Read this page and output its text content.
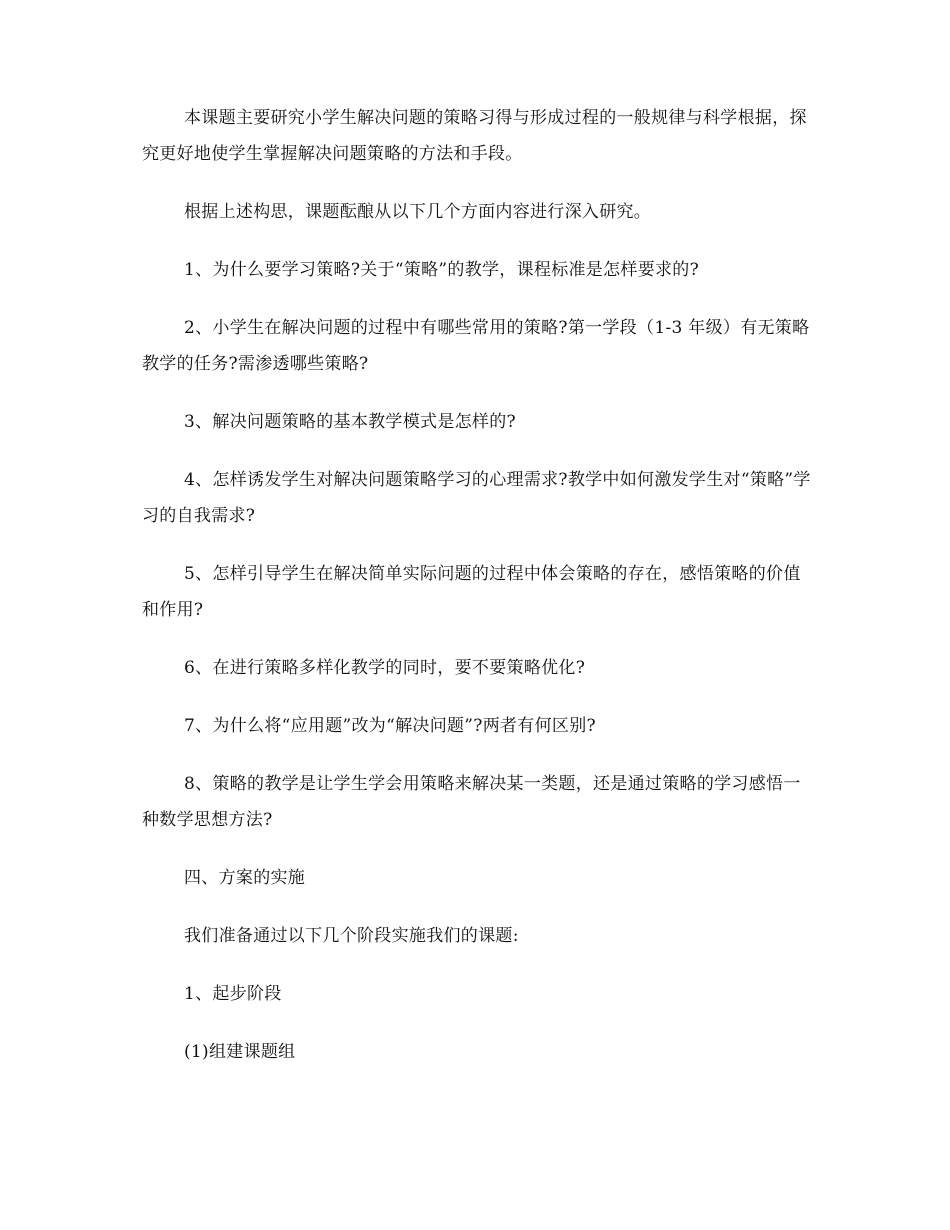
本课题主要研究小学生解决问题的策略习得与形成过程的一般规律与科学根据，探究更好地使学生掌握解决问题策略的方法和手段。

根据上述构思，课题酝酿从以下几个方面内容进行深入研究。

1、为什么要学习策略?关于“策略”的教学，课程标准是怎样要求的?

2、小学生在解决问题的过程中有哪些常用的策略?第一学段（1-3 年级）有无策略教学的任务?需渗透哪些策略?

3、解决问题策略的基本教学模式是怎样的?

4、怎样诱发学生对解决问题策略学习的心理需求?教学中如何激发学生对“策略”学习的自我需求?

5、怎样引导学生在解决简单实际问题的过程中体会策略的存在，感悟策略的价值和作用?

6、在进行策略多样化教学的同时，要不要策略优化?

7、为什么将“应用题”改为“解决问题”?两者有何区别?

8、策略的教学是让学生学会用策略来解决某一类题，还是通过策略的学习感悟一种数学思想方法?

四、方案的实施

我们准备通过以下几个阶段实施我们的课题:

1、起步阶段

(1)组建课题组
